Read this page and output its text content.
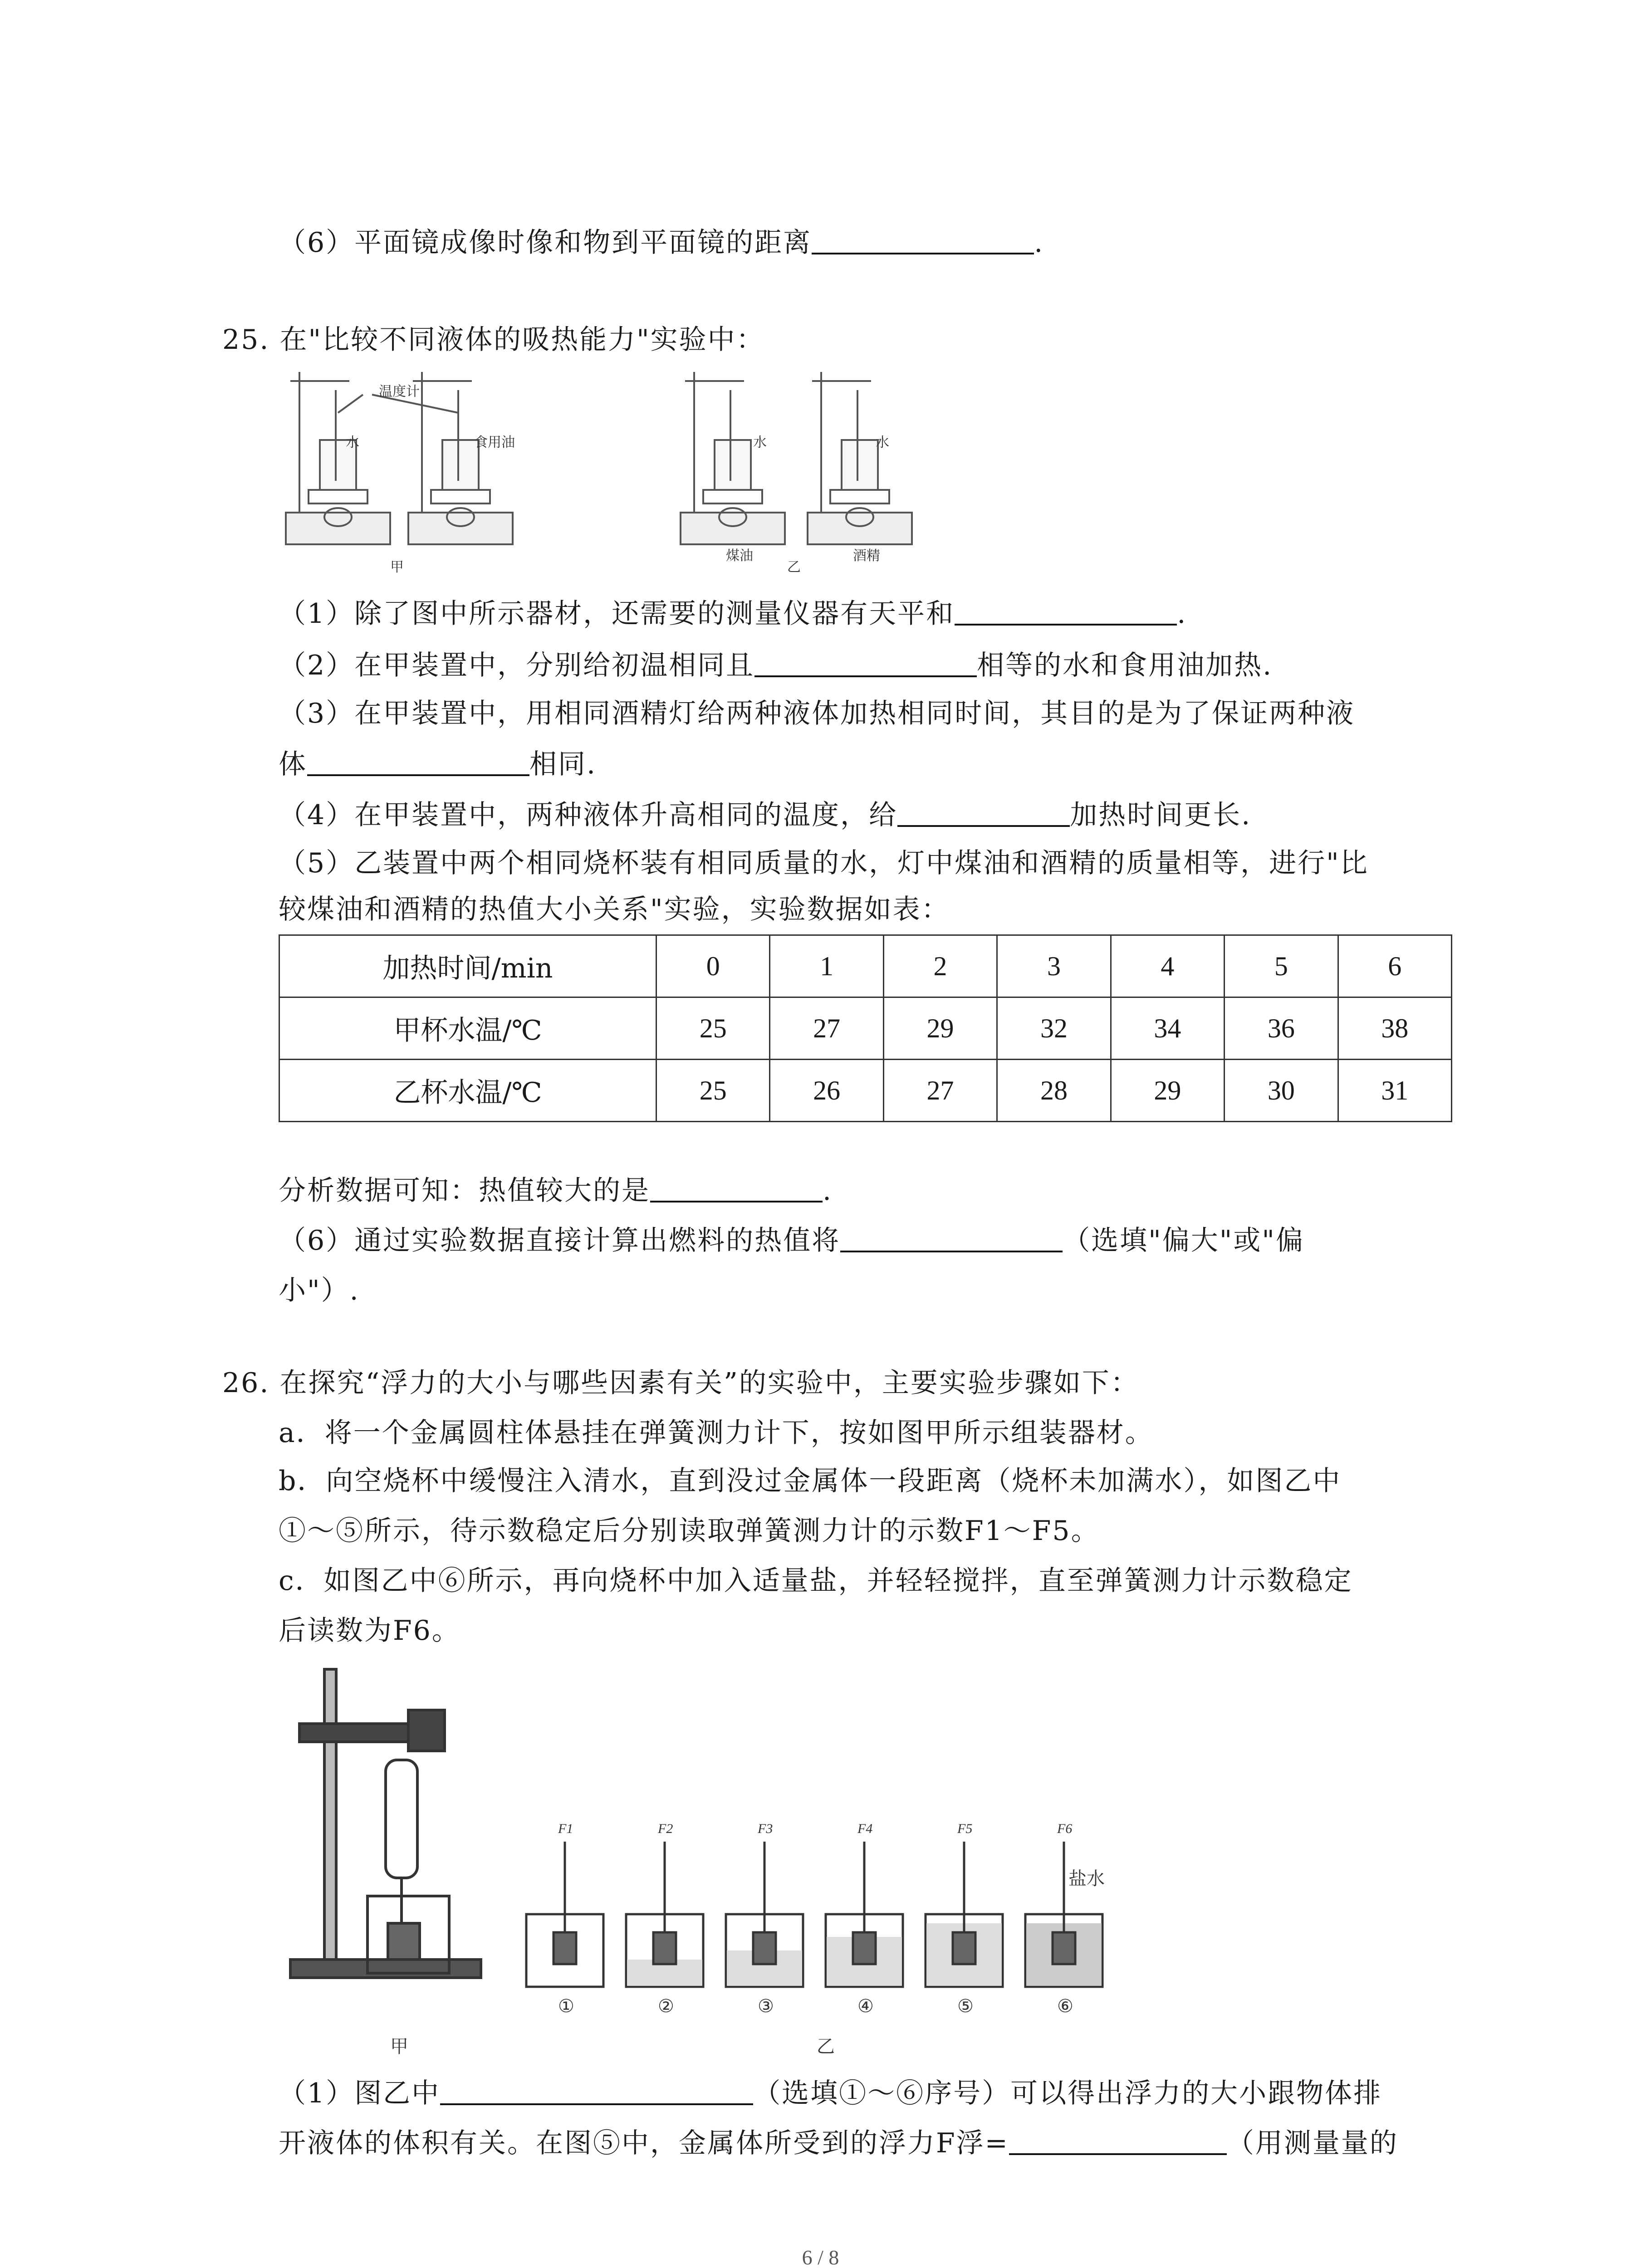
（6）平面镜成像时像和物到平面镜的距离	.
25. 在"比较不同液体的吸热能力"实验中：
温度计
水	食用油	水	水
甲
煤油
乙
酒精
（1）除了图中所示器材，还需要的测量仪器有天平和	.
（2）在甲装置中，分别给初温相同且	相等的水和食用油加热.
（3）在甲装置中，用相同酒精灯给两种液体加热相同时间，其目的是为了保证两种液
体	相同.
（4）在甲装置中，两种液体升高相同的温度，给	加热时间更长.
（5）乙装置中两个相同烧杯装有相同质量的水，灯中煤油和酒精的质量相等，进行"比
较煤油和酒精的热值大小关系"实验，实验数据如表：
加热时间/min	0	1	2	3	4	5	6
甲杯水温/℃	25	27	29	32	34	36	38
乙杯水温/℃	25	26	27	28	29	30	31
分析数据可知：热值较大的是	.
（6）通过实验数据直接计算出燃料的热值将	（选填"偏大"或"偏
小"）.
26. 在探究“浮力的大小与哪些因素有关”的实验中，主要实验步骤如下：
a．将一个金属圆柱体悬挂在弹簧测力计下，按如图甲所示组装器材。
b．向空烧杯中缓慢注入清水，直到没过金属体一段距离（烧杯未加满水），如图乙中
①～⑤所示，待示数稳定后分别读取弹簧测力计的示数F1～F5。
c．如图乙中⑥所示，再向烧杯中加入适量盐，并轻轻搅拌，直至弹簧测力计示数稳定
后读数为F6。
F1	F2	F3	F4	F5	F6
盐水
①	②	③	④	⑤	⑥
甲	乙
（1）图乙中	（选填①～⑥序号）可以得出浮力的大小跟物体排
开液体的体积有关。在图⑤中，金属体所受到的浮力F浮=	（用测量量的
6 / 8
